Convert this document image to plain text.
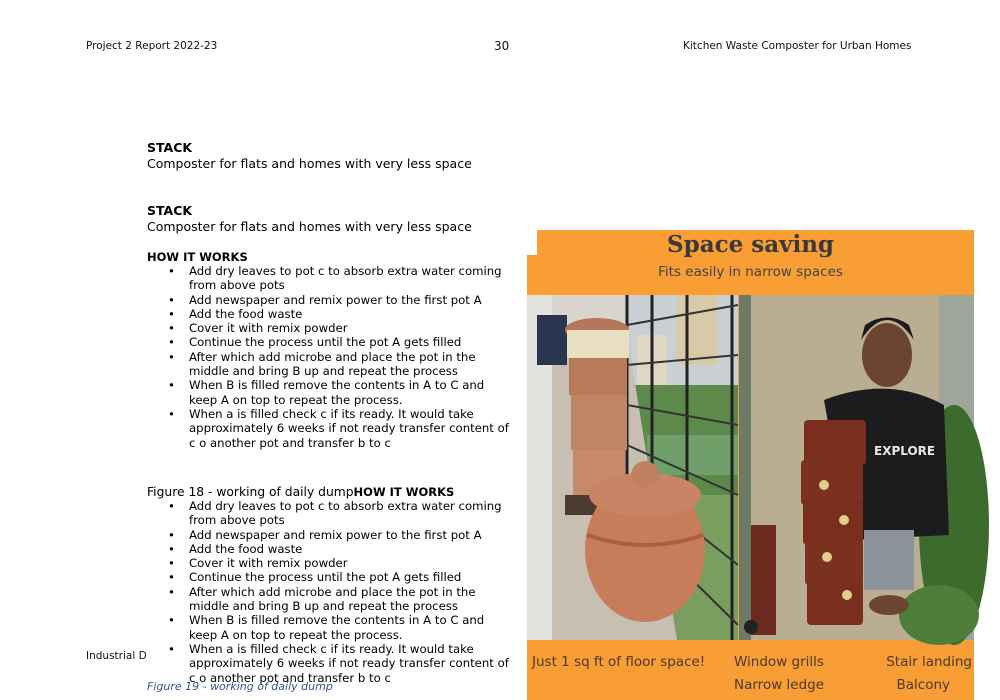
Project 2 Report 2022-23	30	Kitchen Waste Composter for Urban Homes
STACK
Composter for flats and homes with very less space
STACK
Composter for flats and homes with very less space
HOW IT WORKS
• Add dry leaves to pot c to absorb extra water coming from above pots
• Add newspaper and remix power to the first pot A
• Add the food waste
• Cover it with remix powder
• Continue the process until the pot A gets filled
• After which add microbe and place the pot in the middle and bring B up and repeat the process
• When B is filled remove the contents in A to C and keep A on top to repeat the process.
• When a is filled check c if its ready. It would take approximately 6 weeks if not ready transfer content of c o another pot and transfer b to c
Figure 18 - working of daily dumpHOW IT WORKS
• Add dry leaves to pot c to absorb extra water coming from above pots
• Add newspaper and remix power to the first pot A
• Add the food waste
• Cover it with remix powder
• Continue the process until the pot A gets filled
• After which add microbe and place the pot in the middle and bring B up and repeat the process
• When B is filled remove the contents in A to C and keep A on top to repeat the process.
• When a is filled check c if its ready. It would take approximately 6 weeks if not ready transfer content of c o another pot and transfer b to c
Industrial D
Figure 19 - working of daily dump
Space saving
Fits easily in narrow spaces
EXPLORE
Just 1 sq ft of floor space! Window grills
Narrow ledge
Stair landing
Balcony
